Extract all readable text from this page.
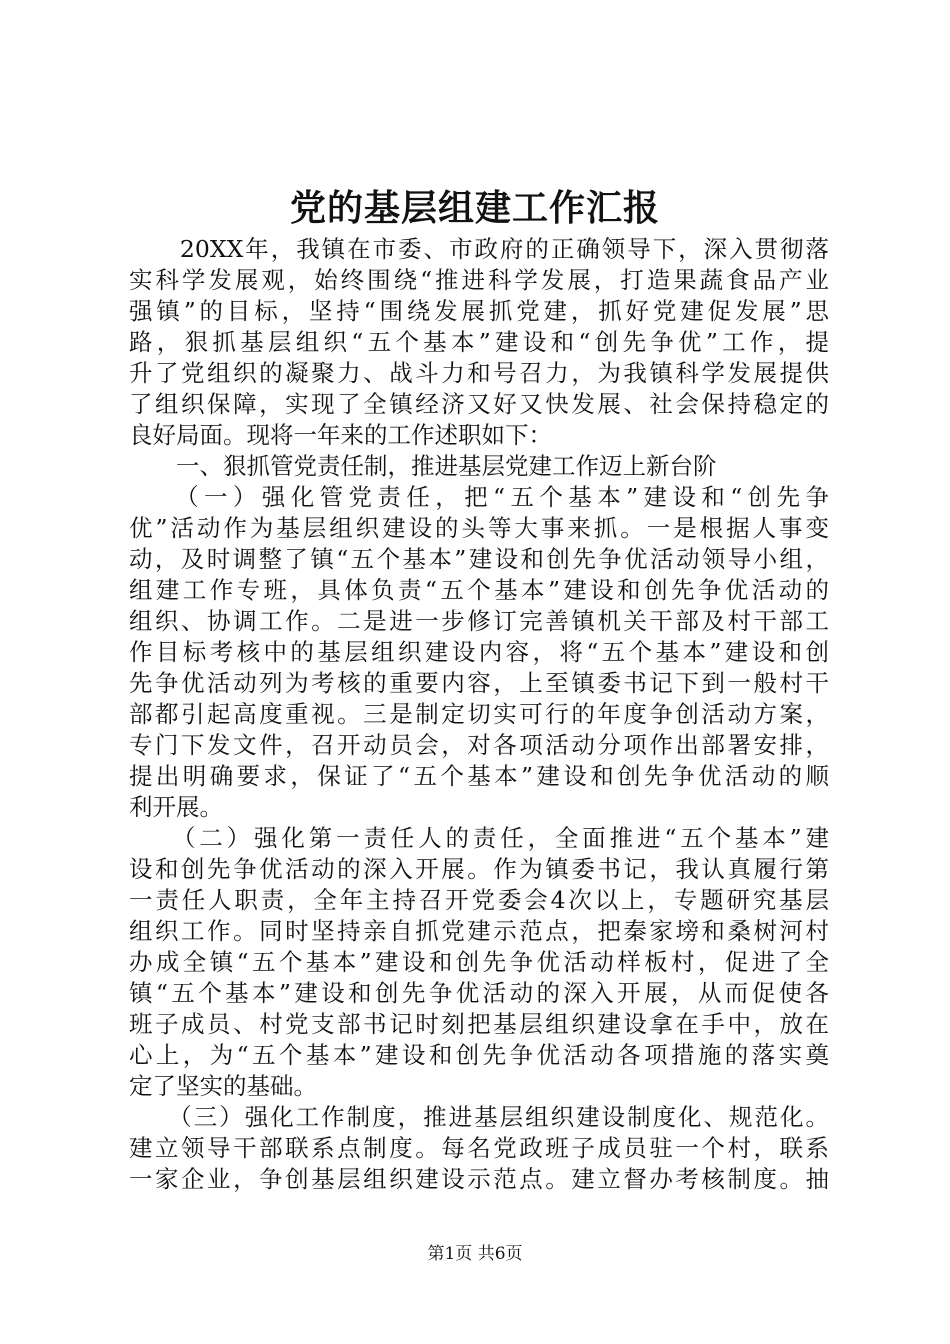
党的基层组建工作汇报
　　20XX年，我镇在市委、市政府的正确领导下，深入贯彻落
实科学发展观，始终围绕“推进科学发展，打造果蔬食品产业
强镇”的目标，坚持“围绕发展抓党建，抓好党建促发展”思
路，狠抓基层组织“五个基本”建设和“创先争优”工作，提
升了党组织的凝聚力、战斗力和号召力，为我镇科学发展提供
了组织保障，实现了全镇经济又好又快发展、社会保持稳定的
良好局面。现将一年来的工作述职如下：
　　一、狠抓管党责任制，推进基层党建工作迈上新台阶
　　（一）强化管党责任，把“五个基本”建设和“创先争
优”活动作为基层组织建设的头等大事来抓。一是根据人事变
动，及时调整了镇“五个基本”建设和创先争优活动领导小组，
组建工作专班，具体负责“五个基本”建设和创先争优活动的
组织、协调工作。二是进一步修订完善镇机关干部及村干部工
作目标考核中的基层组织建设内容，将“五个基本”建设和创
先争优活动列为考核的重要内容，上至镇委书记下到一般村干
部都引起高度重视。三是制定切实可行的年度争创活动方案，
专门下发文件，召开动员会，对各项活动分项作出部署安排，
提出明确要求，保证了“五个基本”建设和创先争优活动的顺
利开展。
　　（二）强化第一责任人的责任，全面推进“五个基本”建
设和创先争优活动的深入开展。作为镇委书记，我认真履行第
一责任人职责，全年主持召开党委会4次以上，专题研究基层
组织工作。同时坚持亲自抓党建示范点，把秦家塝和桑树河村
办成全镇“五个基本”建设和创先争优活动样板村，促进了全
镇“五个基本”建设和创先争优活动的深入开展，从而促使各
班子成员、村党支部书记时刻把基层组织建设拿在手中，放在
心上，为“五个基本”建设和创先争优活动各项措施的落实奠
定了坚实的基础。
　　（三）强化工作制度，推进基层组织建设制度化、规范化。
建立领导干部联系点制度。每名党政班子成员驻一个村，联系
一家企业，争创基层组织建设示范点。建立督办考核制度。抽
第1页 共6页
